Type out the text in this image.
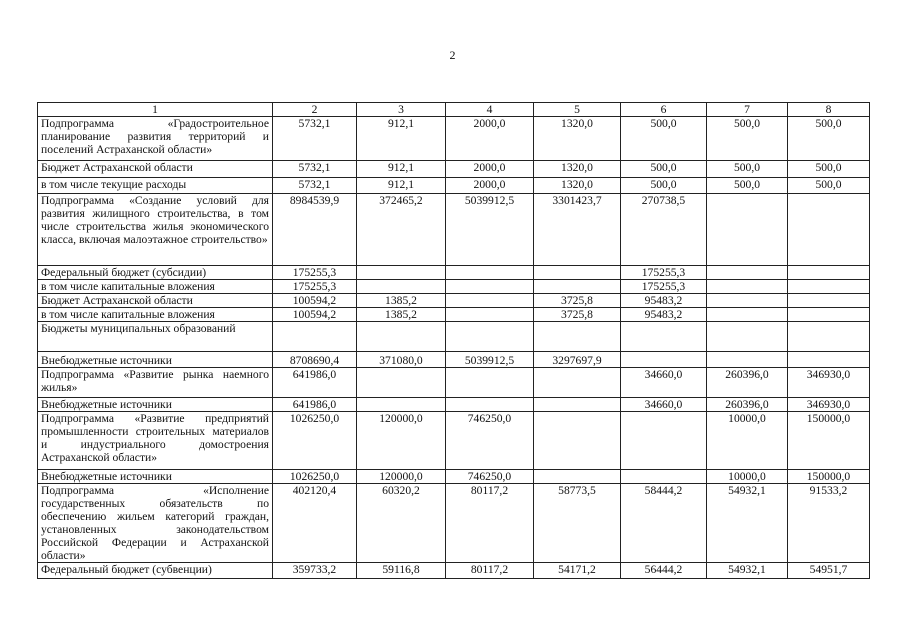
2
1	2	3	4	5	6	7	8
Подпрограмма «Градостроительное планирование развития территорий и поселений Астраханской области»	5732,1	912,1	2000,0	1320,0	500,0	500,0	500,0
Бюджет Астраханской области	5732,1	912,1	2000,0	1320,0	500,0	500,0	500,0
в том числе текущие расходы	5732,1	912,1	2000,0	1320,0	500,0	500,0	500,0
Подпрограмма «Создание условий для развития жилищного строительства, в том числе строительства жилья экономического класса, включая малоэтажное строительство»	8984539,9	372465,2	5039912,5	3301423,7	270738,5		
Федеральный бюджет (субсидии)	175255,3				175255,3		
в том числе капитальные вложения	175255,3				175255,3		
Бюджет Астраханской области	100594,2	1385,2		3725,8	95483,2		
в том числе капитальные вложения	100594,2	1385,2		3725,8	95483,2		
Бюджеты муниципальных образований							
Внебюджетные источники	8708690,4	371080,0	5039912,5	3297697,9			
Подпрограмма «Развитие рынка наемного жилья»	641986,0				34660,0	260396,0	346930,0
Внебюджетные источники	641986,0				34660,0	260396,0	346930,0
Подпрограмма «Развитие предприятий промышленности строительных материалов и индустриального домостроения Астраханской области»	1026250,0	120000,0	746250,0			10000,0	150000,0
Внебюджетные источники	1026250,0	120000,0	746250,0			10000,0	150000,0
Подпрограмма «Исполнение государственных обязательств по обеспечению жильем категорий граждан, установленных законодательством Российской Федерации и Астраханской области»	402120,4	60320,2	80117,2	58773,5	58444,2	54932,1	91533,2
Федеральный бюджет (субвенции)	359733,2	59116,8	80117,2	54171,2	56444,2	54932,1	54951,7
